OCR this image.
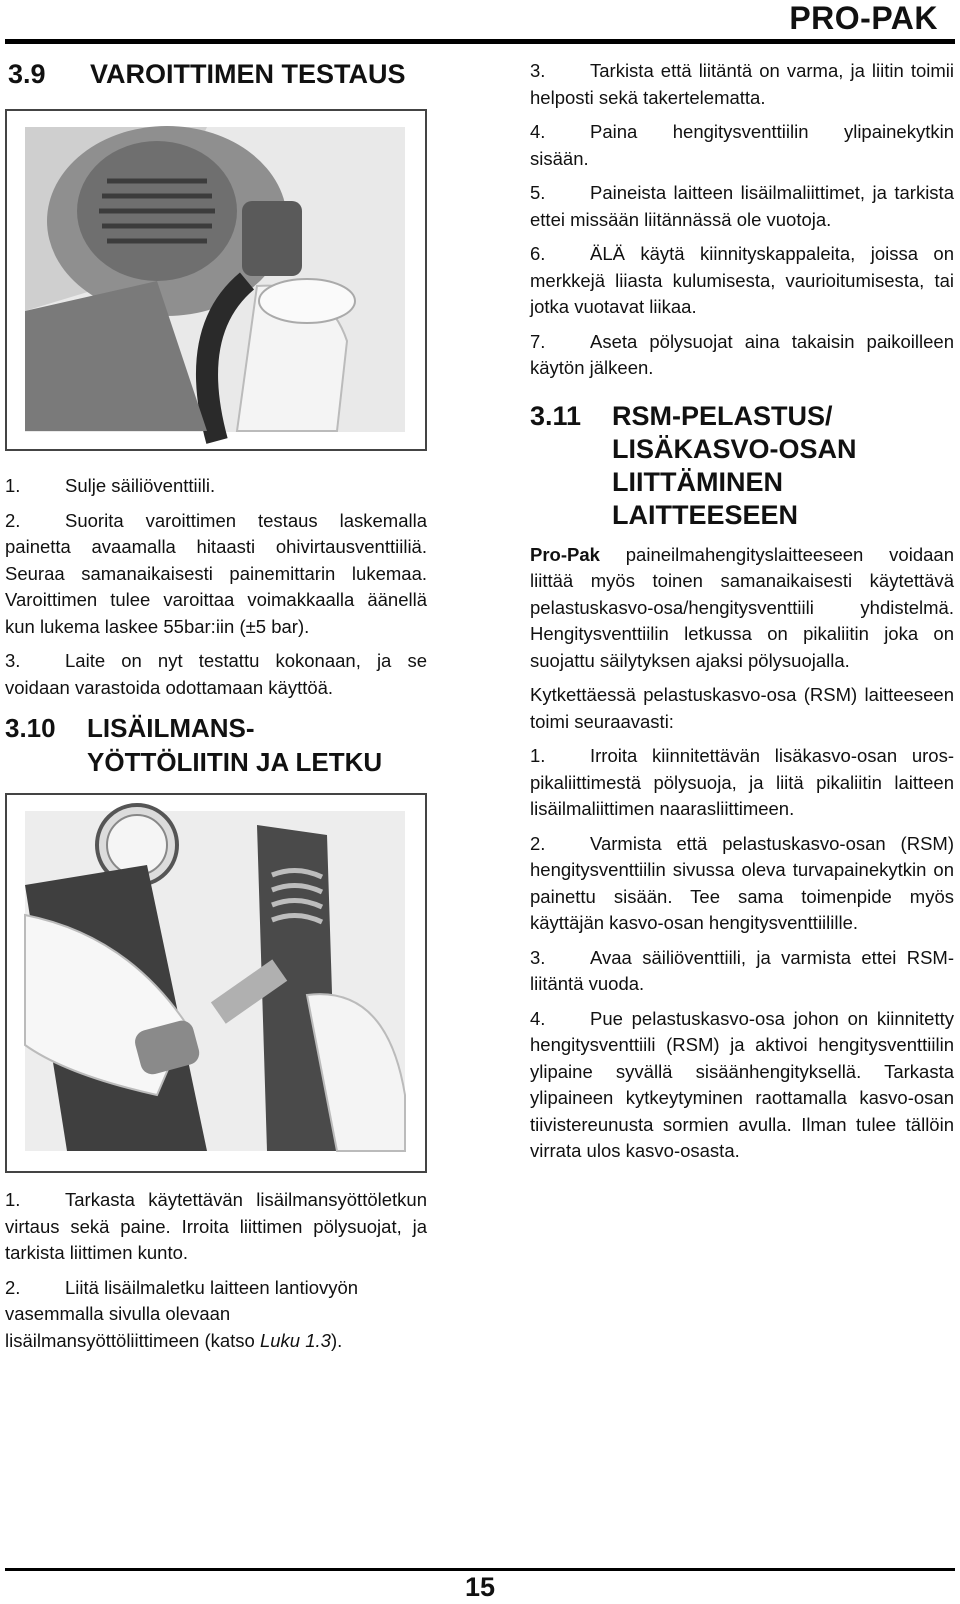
PRO-PAK
3.9	VAROITTIMEN TESTAUS

1. Sulje säiliöventtiili.

2. Suorita varoittimen testaus laskemalla painetta avaamalla hitaasti ohivirtausventtiiliä. Seuraa samanaikaisesti painemittarin lukemaa. Varoittimen tulee varoittaa voimakkaalla äänellä kun lukema laskee 55bar:iin (±5 bar).

3. Laite on nyt testattu kokonaan, ja se voidaan varastoida odottamaan käyttöä.

3.10	LISÄILMANS-
YÖTTÖLIITIN JA LETKU

1. Tarkasta käytettävän lisäilmansyöttöletkun virtaus sekä paine. Irroita liittimen pölysuojat, ja tarkista liittimen kunto.

2. Liitä lisäilmaletku laitteen lantiovyön vasemmalla sivulla olevaan lisäilmansyöttöliittimeen (katso Luku 1.3).

3. Tarkista että liitäntä on varma, ja liitin toimii helposti sekä takertelematta.

4. Paina hengitysventtiilin ylipainekytkin sisään.

5. Paineista laitteen lisäilmaliittimet, ja tarkista ettei missään liitännässä ole vuotoja.

6. ÄLÄ käytä kiinnityskappaleita, joissa on merkkejä liiasta kulumisesta, vaurioitumisesta, tai jotka vuotavat liikaa.

7. Aseta pölysuojat aina takaisin paikoilleen käytön jälkeen.

3.11	RSM-PELASTUS/
LISÄKASVO-OSAN
LIITTÄMINEN
LAITTEESEEN

Pro-Pak paineilmahengityslaitteeseen voidaan liittää myös toinen samanaikaisesti käytettävä pelastuskasvo-osa/hengitysventtiili yhdistelmä. Hengitysventtiilin letkussa on pikaliitin joka on suojattu säilytyksen ajaksi pölysuojalla.

Kytkettäessä pelastuskasvo-osa (RSM) laitteeseen toimi seuraavasti:

1. Irroita kiinnitettävän lisäkasvo-osan uros-pikaliittimestä pölysuoja, ja liitä pikaliitin laitteen lisäilmaliittimen naarasliittimeen.

2. Varmista että pelastuskasvo-osan (RSM) hengitysventtiilin sivussa oleva turvapainekytkin on painettu sisään. Tee sama toimenpide myös käyttäjän kasvo-osan hengitysventtiilille.

3. Avaa säiliöventtiili, ja varmista ettei RSM-liitäntä vuoda.

4. Pue pelastuskasvo-osa johon on kiinnitetty hengitysventtiili (RSM) ja aktivoi hengitysventtiilin ylipaine syvällä sisäänhengityksellä. Tarkasta ylipaineen kytkeytyminen raottamalla kasvo-osan tiivistereunusta sormien avulla. Ilman tulee tällöin virrata ulos kasvo-osasta.

15
